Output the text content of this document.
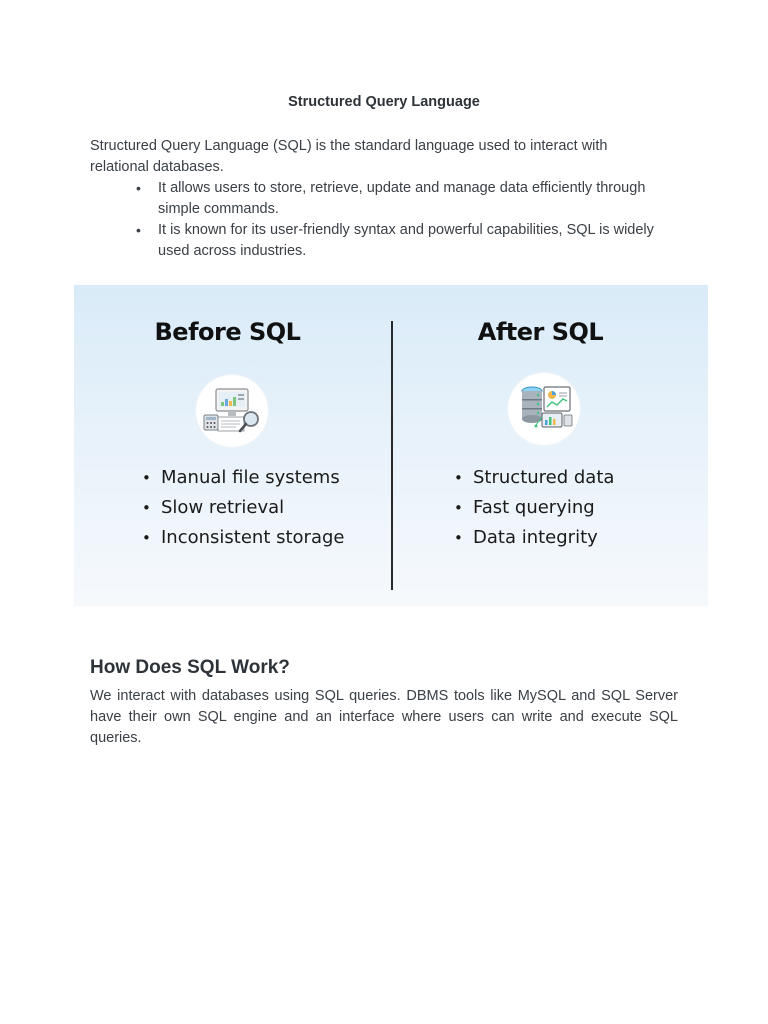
Structured Query Language
Structured Query Language (SQL) is the standard language used to interact with relational databases.
• It allows users to store, retrieve, update and manage data efficiently through simple commands.
• It is known for its user-friendly syntax and powerful capabilities, SQL is widely used across industries.
Before SQL
• Manual file systems
• Slow retrieval
• Inconsistent storage
After SQL
• Structured data
• Fast querying
• Data integrity
How Does SQL Work?
We interact with databases using SQL queries. DBMS tools like MySQL and SQL Server have their own SQL engine and an interface where users can write and execute SQL queries.
